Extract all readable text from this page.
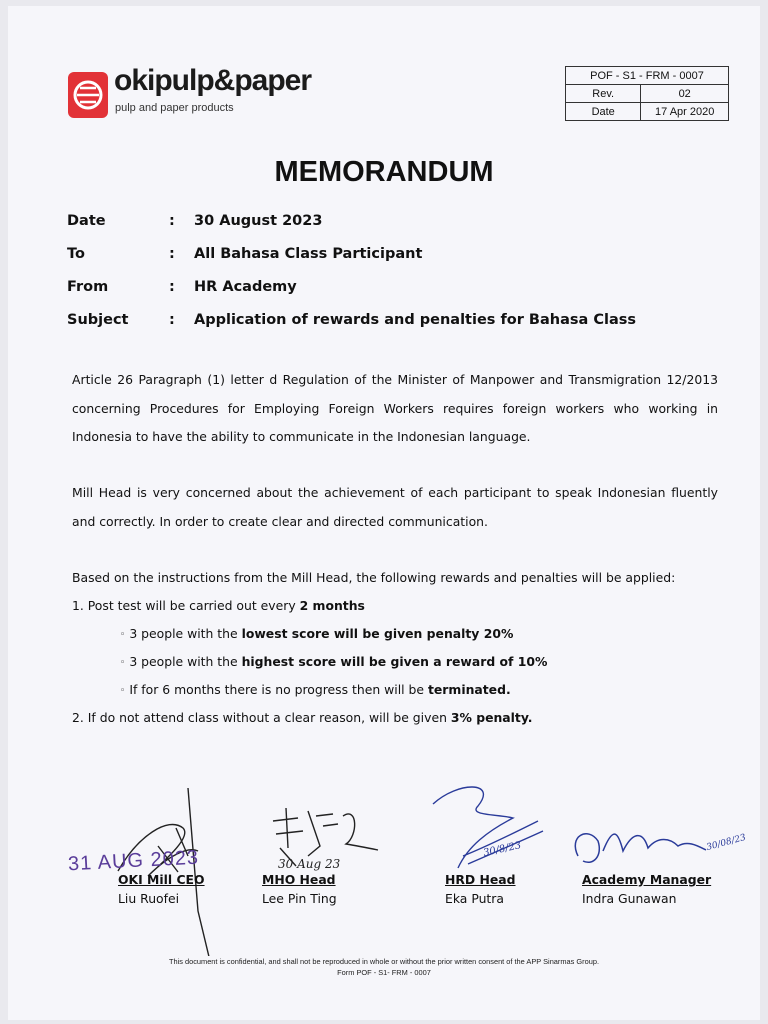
okipulp&paper
pulp and paper products
POF - S1 - FRM - 0007	
Rev.	02
Date	17 Apr 2020
MEMORANDUM
Date	: 30 August 2023
To	: All Bahasa Class Participant
From	: HR Academy
Subject	: Application of rewards and penalties for Bahasa Class
Article 26 Paragraph (1) letter d Regulation of the Minister of Manpower and Transmigration 12/2013 concerning Procedures for Employing Foreign Workers requires foreign workers who working in Indonesia to have the ability to communicate in the Indonesian language.
Mill Head is very concerned about the achievement of each participant to speak Indonesian fluently and correctly. In order to create clear and directed communication.
Based on the instructions from the Mill Head, the following rewards and penalties will be applied:
1. Post test will be carried out every 2 months
◦ 3 people with the lowest score will be given penalty 20%
◦ 3 people with the highest score will be given a reward of 10%
◦ If for 6 months there is no progress then will be terminated.
2. If do not attend class without a clear reason, will be given 3% penalty.
31 AUG 2023	30 Aug 23
30/8/23	30/08/23
OKI Mill CEO
Liu Ruofei
MHO Head
Lee Pin Ting
HRD Head
Eka Putra
Academy Manager
Indra Gunawan
This document is confidential, and shall not be reproduced in whole or without the prior written consent of the APP Sinarmas Group.
Form POF - S1- FRM - 0007
